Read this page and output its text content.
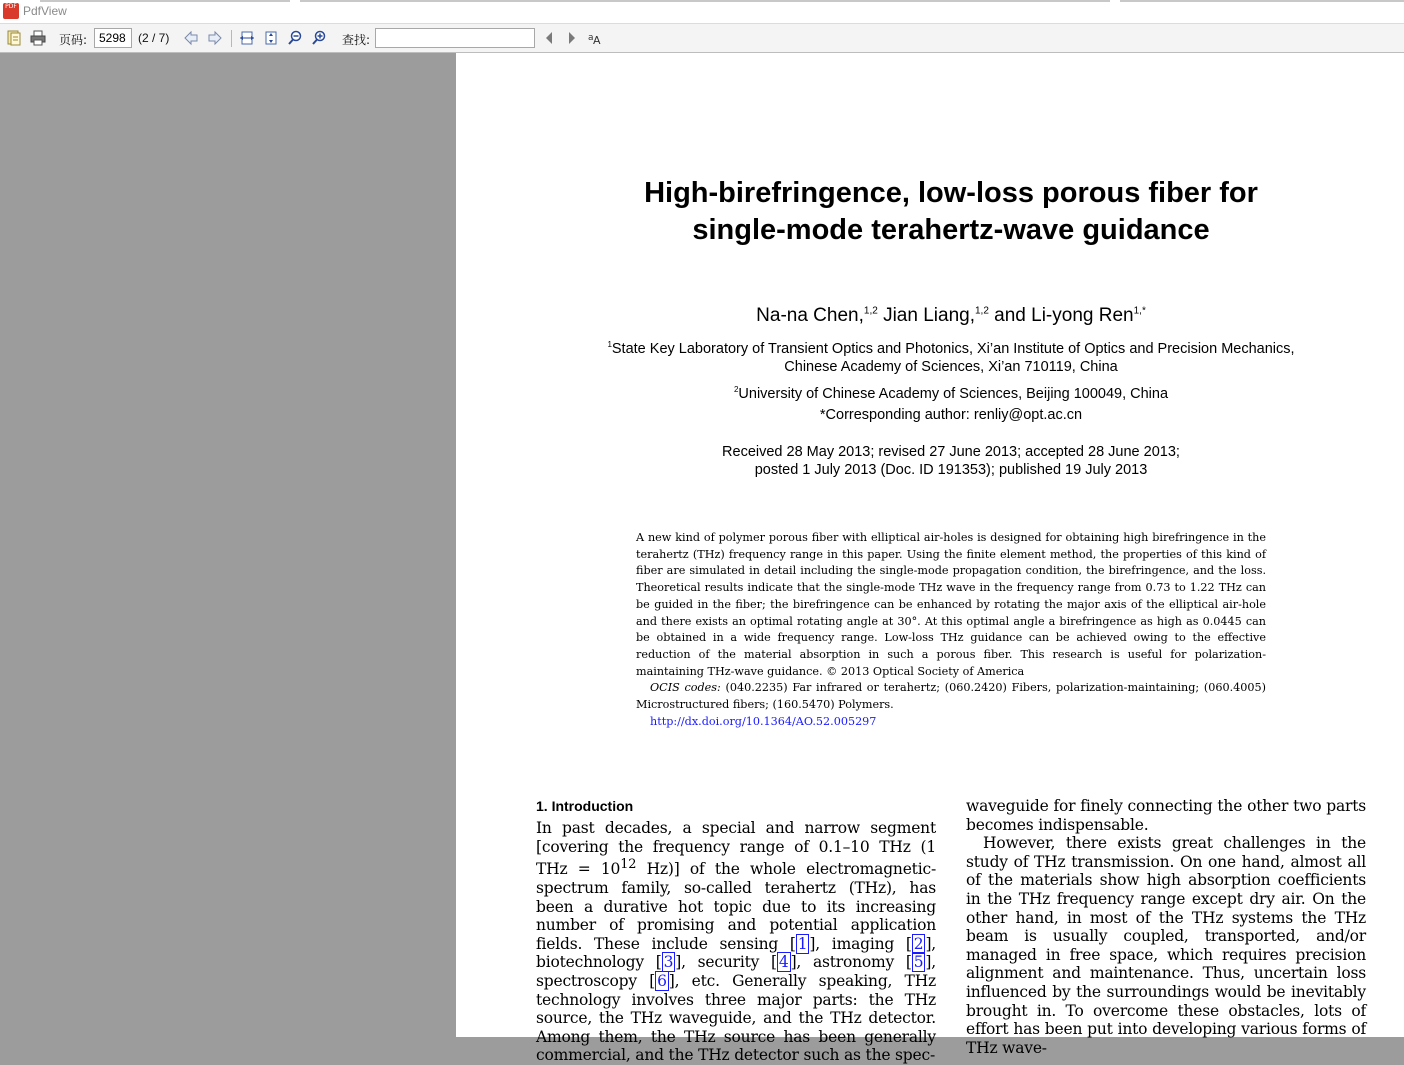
PDF PdfView
页码: 5298	(2 / 7)	查找:	a A
High-birefringence, low-loss porous fiber for
single-mode terahertz-wave guidance
Na-na Chen,$^{1,2}$ Jian Liang,$^{1,2}$ and Li-yong Ren$^{1,*}$
$^1$State Key Laboratory of Transient Optics and Photonics, Xi’an Institute of Optics and Precision Mechanics,
Chinese Academy of Sciences, Xi’an 710119, China
$^2$University of Chinese Academy of Sciences, Beijing 100049, China
*Corresponding author: renliy@opt.ac.cn
Received 28 May 2013; revised 27 June 2013; accepted 28 June 2013;
posted 1 July 2013 (Doc. ID 191353); published 19 July 2013

A new kind of polymer porous fiber with elliptical air-holes is designed for obtaining high birefringence in the terahertz (THz) frequency range in this paper. Using the finite element method, the properties of this kind of fiber are simulated in detail including the single-mode propagation condition, the birefringence, and the loss. Theoretical results indicate that the single-mode THz wave in the frequency range from 0.73 to 1.22 THz can be guided in the fiber; the birefringence can be enhanced by rotating the major axis of the elliptical air-hole and there exists an optimal rotating angle at 30°. At this optimal angle a birefringence as high as 0.0445 can be obtained in a wide frequency range. Low-loss THz guidance can be achieved owing to the effective reduction of the material absorption in such a porous fiber. This research is useful for polarization-maintaining THz-wave guidance. © 2013 Optical Society of America

OCIS codes: (040.2235) Far infrared or terahertz; (060.2420) Fibers, polarization-maintaining; (060.4005) Microstructured fibers; (160.5470) Polymers.

http://dx.doi.org/10.1364/AO.52.005297

1. Introduction

In past decades, a special and narrow segment [covering the frequency range of 0.1–10 THz (1 THz = $10^{12}$ Hz)] of the whole electromagnetic-spectrum family, so-called terahertz (THz), has been a durative hot topic due to its increasing number of promising and potential application fields. These include sensing [ 1 ], imaging [ 2 ], biotechnology [ 3 ], security [ 4 ], astronomy [ 5 ], spectroscopy [ 6 ], etc. Generally speaking, THz technology involves three major parts: the THz source, the THz waveguide, and the THz detector. Among them, the THz source has been generally commercial, and the THz detector such as the spec-

waveguide for finely connecting the other two parts becomes indispensable.

However, there exists great challenges in the study of THz transmission. On one hand, almost all of the materials show high absorption coefficients in the THz frequency range except dry air. On the other hand, in most of the THz systems the THz beam is usually coupled, transported, and/or managed in free space, which requires precision alignment and maintenance. Thus, uncertain loss influenced by the surroundings would be inevitably brought in. To overcome these obstacles, lots of effort has been put into developing various forms of THz wave-
